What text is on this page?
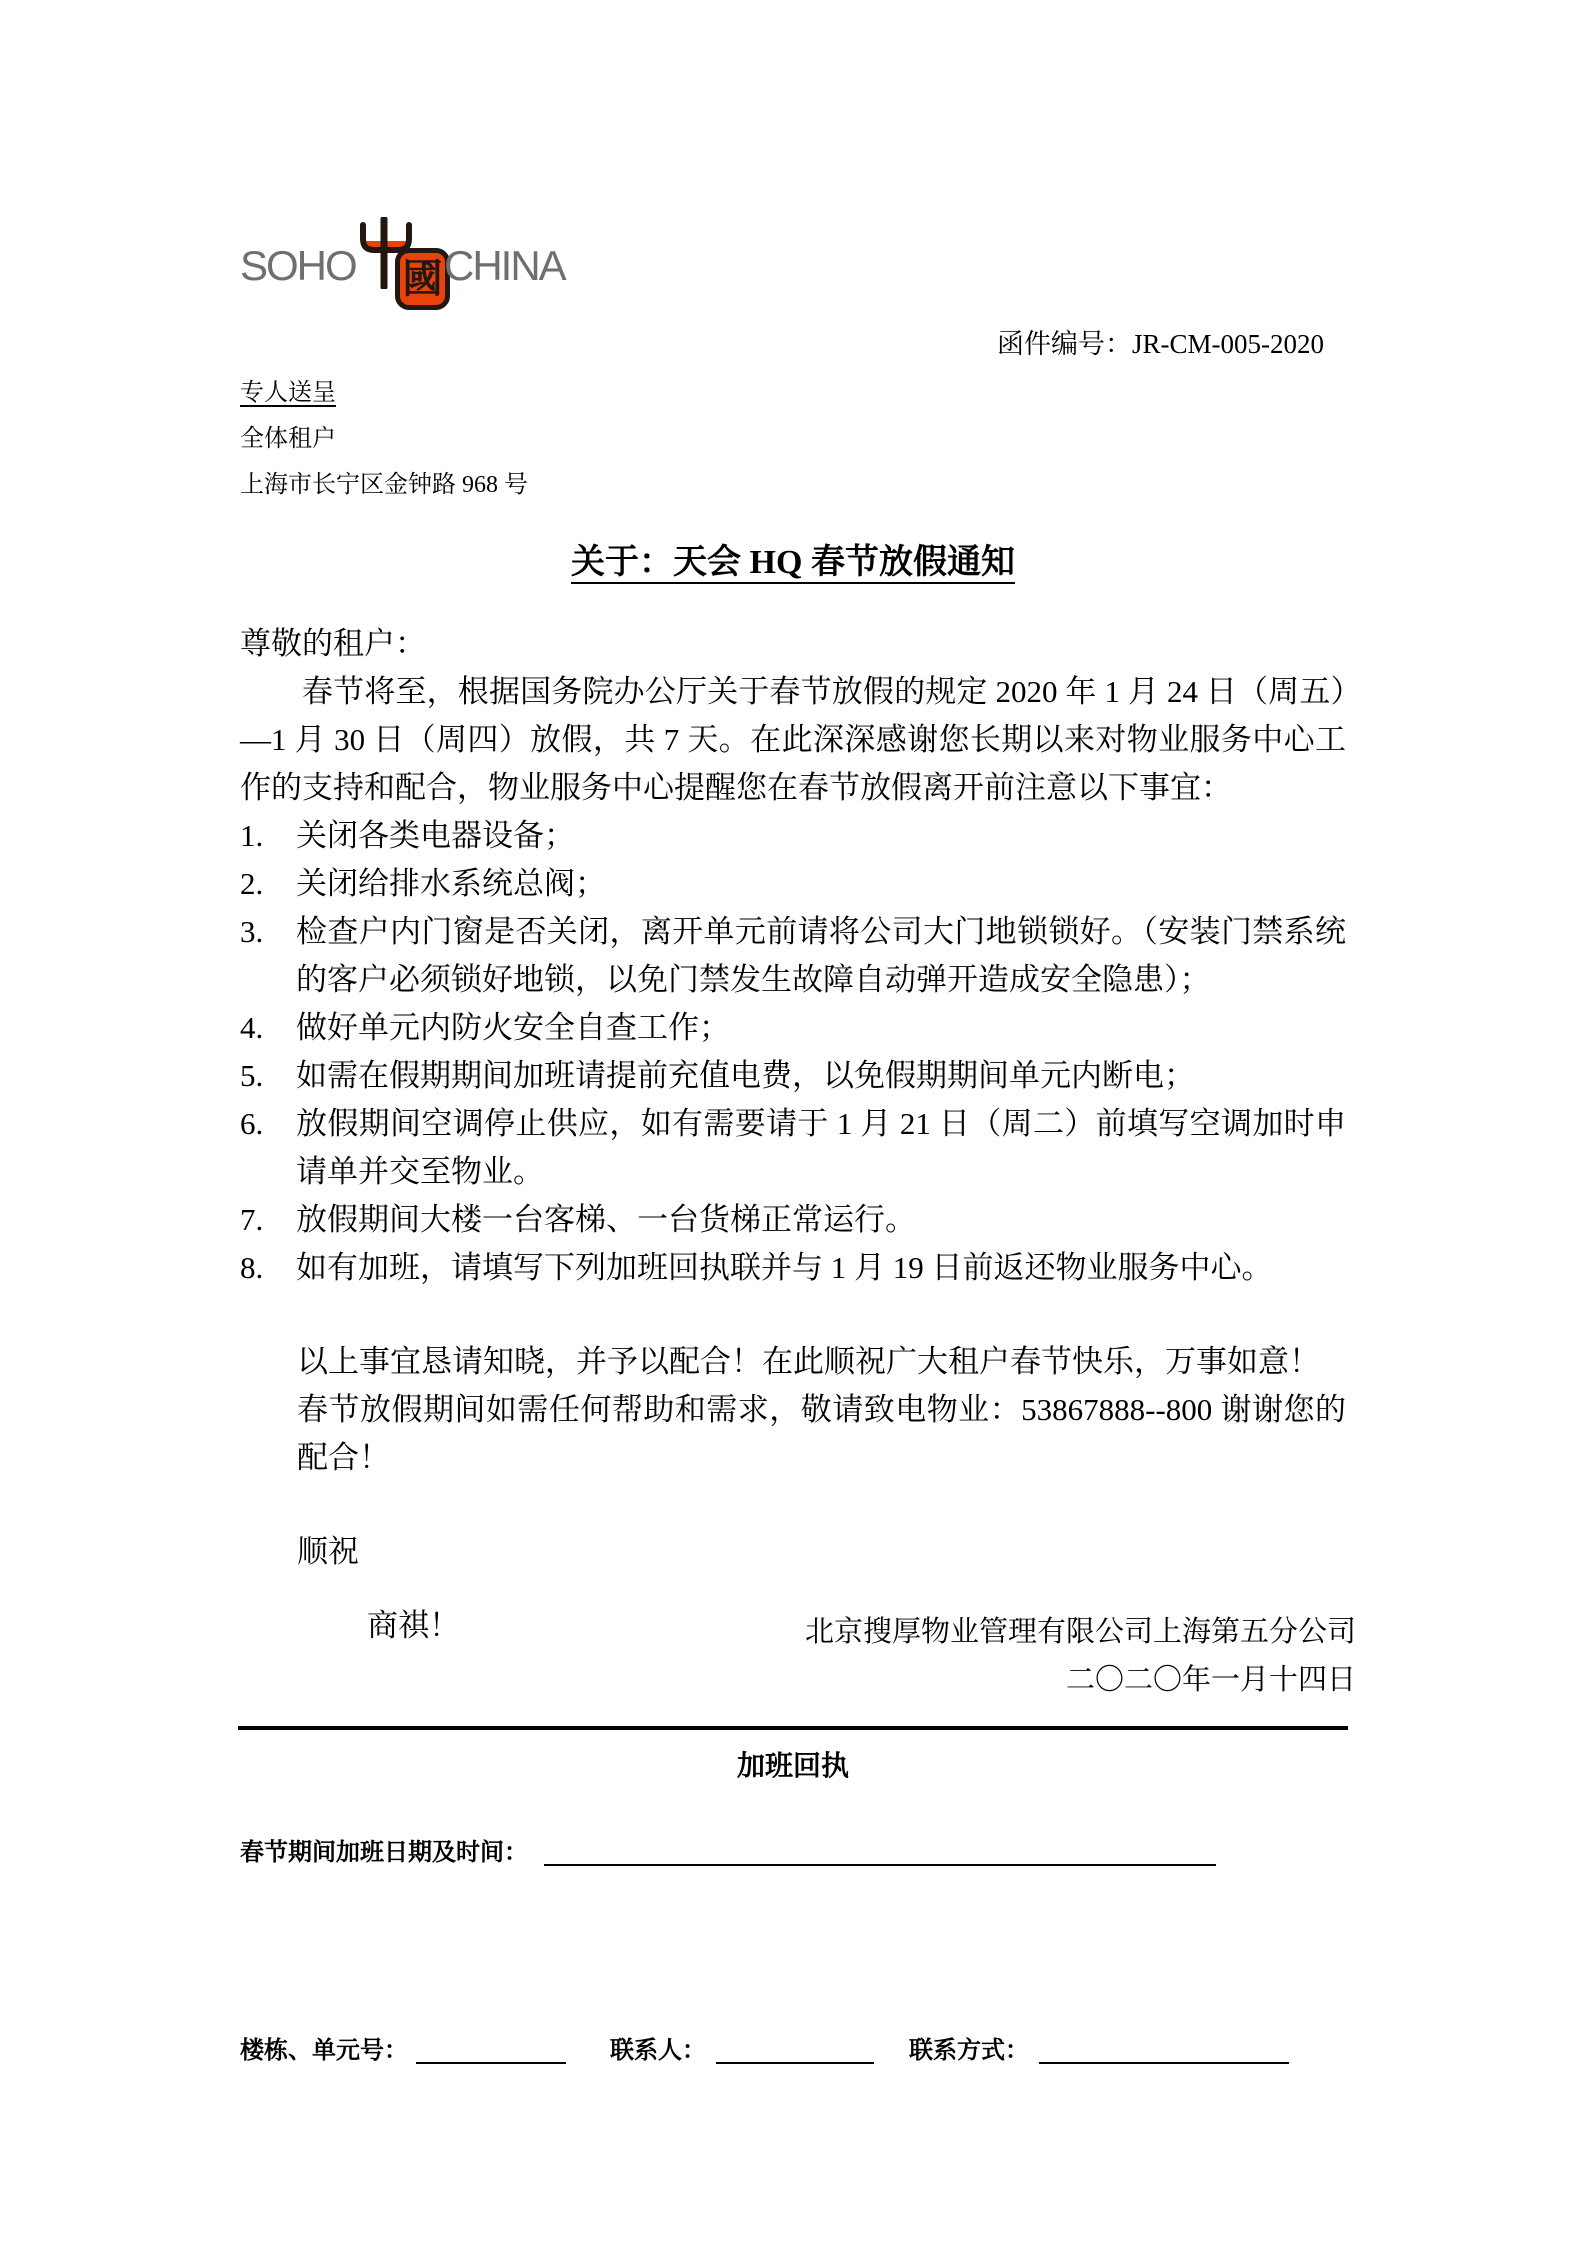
SOHO 國 CHINA
函件编号：JR-CM-005-2020
专人送呈
全体租户
上海市长宁区金钟路 968 号
关于：天会 HQ 春节放假通知
尊敬的租户：
春节将至，根据国务院办公厅关于春节放假的规定 2020 年 1 月 24 日（周五）—1 月 30 日（周四）放假，共 7 天。在此深深感谢您长期以来对物业服务中心工作的支持和配合，物业服务中心提醒您在春节放假离开前注意以下事宜：
1. 关闭各类电器设备；
2. 关闭给排水系统总阀；
3. 检查户内门窗是否关闭，离开单元前请将公司大门地锁锁好。（安装门禁系统的客户必须锁好地锁，以免门禁发生故障自动弹开造成安全隐患）；
4. 做好单元内防火安全自查工作；
5. 如需在假期期间加班请提前充值电费，以免假期期间单元内断电；
6. 放假期间空调停止供应，如有需要请于 1 月 21 日（周二）前填写空调加时申请单并交至物业。
7. 放假期间大楼一台客梯、一台货梯正常运行。
8. 如有加班，请填写下列加班回执联并与 1 月 19 日前返还物业服务中心。
以上事宜恳请知晓，并予以配合！在此顺祝广大租户春节快乐，万事如意！
春节放假期间如需任何帮助和需求，敬请致电物业：53867888--800 谢谢您的配合！
顺祝
商祺！	北京搜厚物业管理有限公司上海第五分公司
二〇二〇年一月十四日
加班回执
春节期间加班日期及时间：
楼栋、单元号：	联系人：	联系方式：
